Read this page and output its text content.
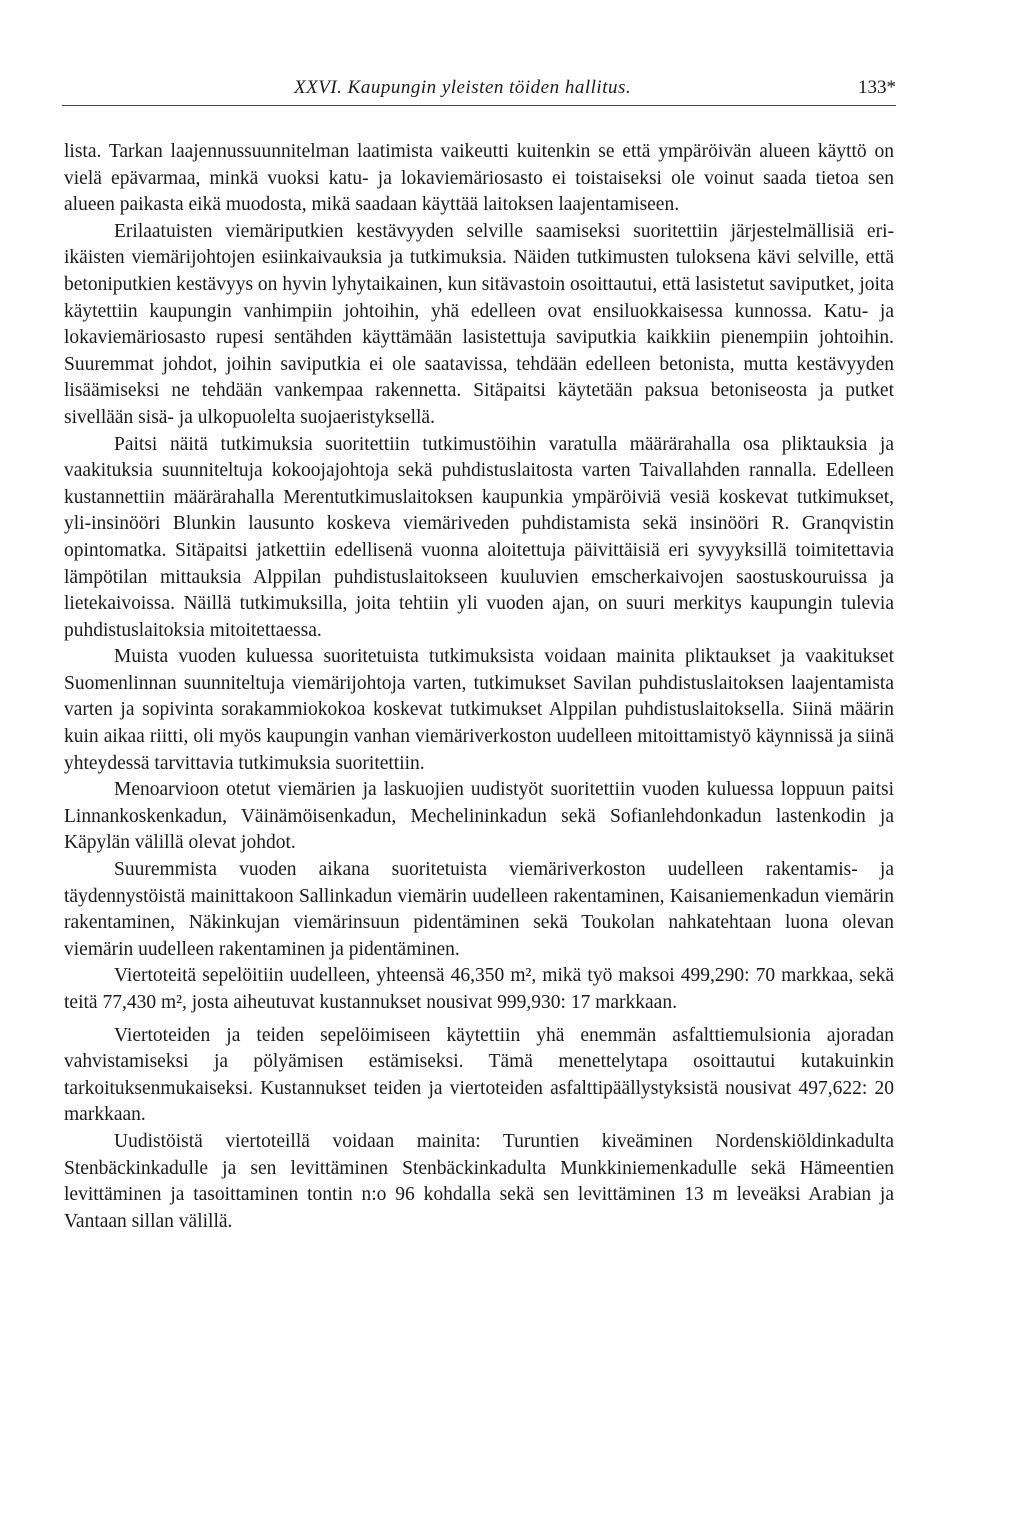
XXVI. Kaupungin yleisten töiden hallitus.	133*

lista. Tarkan laajennussuunnitelman laatimista vaikeutti kuitenkin se että ympäröivän alueen käyttö on vielä epävarmaa, minkä vuoksi katu- ja lokaviemäriosasto ei toistaiseksi ole voinut saada tietoa sen alueen paikasta eikä muodosta, mikä saadaan käyttää laitoksen laajentamiseen.

Erilaatuisten viemäriputkien kestävyyden selville saamiseksi suoritettiin järjestelmällisiä eri-ikäisten viemärijohtojen esiinkaivauksia ja tutkimuksia. Näiden tutkimusten tuloksena kävi selville, että betoniputkien kestävyys on hyvin lyhytaikainen, kun sitävastoin osoittautui, että lasistetut saviputket, joita käytettiin kaupungin vanhimpiin johtoihin, yhä edelleen ovat ensiluokkaisessa kunnossa. Katu- ja lokaviemäriosasto rupesi sentähden käyttämään lasistettuja saviputkia kaikkiin pienempiin johtoihin. Suuremmat johdot, joihin saviputkia ei ole saatavissa, tehdään edelleen betonista, mutta kestävyyden lisäämiseksi ne tehdään vankempaa rakennetta. Sitäpaitsi käytetään paksua betoniseosta ja putket sivellään sisä- ja ulkopuolelta suojaeristyksellä.

Paitsi näitä tutkimuksia suoritettiin tutkimustöihin varatulla määrärahalla osa pliktauksia ja vaakituksia suunniteltuja kokoojajohtoja sekä puhdistuslaitosta varten Taivallahden rannalla. Edelleen kustannettiin määrärahalla Merentutkimuslaitoksen kaupunkia ympäröiviä vesiä koskevat tutkimukset, yli-insinööri Blunkin lausunto koskeva viemäriveden puhdistamista sekä insinööri R. Granqvistin opintomatka. Sitäpaitsi jatkettiin edellisenä vuonna aloitettuja päivittäisiä eri syvyyksillä toimitettavia lämpötilan mittauksia Alppilan puhdistuslaitokseen kuuluvien emscherkaivojen saostuskouruissa ja lietekaivoissa. Näillä tutkimuksilla, joita tehtiin yli vuoden ajan, on suuri merkitys kaupungin tulevia puhdistuslaitoksia mitoitettaessa.

Muista vuoden kuluessa suoritetuista tutkimuksista voidaan mainita pliktaukset ja vaakitukset Suomenlinnan suunniteltuja viemärijohtoja varten, tutkimukset Savilan puhdistuslaitoksen laajentamista varten ja sopivinta sorakammiokokoa koskevat tutkimukset Alppilan puhdistuslaitoksella. Siinä määrin kuin aikaa riitti, oli myös kaupungin vanhan viemäriverkoston uudelleen mitoittamistyö käynnissä ja siinä yhteydessä tarvittavia tutkimuksia suoritettiin.

Menoarvioon otetut viemärien ja laskuojien uudistyöt suoritettiin vuoden kuluessa loppuun paitsi Linnankoskenkadun, Väinämöisenkadun, Mechelininkadun sekä Sofianlehdonkadun lastenkodin ja Käpylän välillä olevat johdot.

Suuremmista vuoden aikana suoritetuista viemäriverkoston uudelleen rakentamis- ja täydennystöistä mainittakoon Sallinkadun viemärin uudelleen rakentaminen, Kaisaniemenkadun viemärin rakentaminen, Näkinkujan viemärinsuun pidentäminen sekä Toukolan nahkatehtaan luona olevan viemärin uudelleen rakentaminen ja pidentäminen.

Viertoteitä sepelöitiin uudelleen, yhteensä 46,350 m², mikä työ maksoi 499,290: 70 markkaa, sekä teitä 77,430 m², josta aiheutuvat kustannukset nousivat 999,930: 17 markkaan.

Viertoteiden ja teiden sepelöimiseen käytettiin yhä enemmän asfalttiemulsionia ajoradan vahvistamiseksi ja pölyämisen estämiseksi. Tämä menettelytapa osoittautui kutakuinkin tarkoituksenmukaiseksi. Kustannukset teiden ja viertoteiden asfalttipäällystyksistä nousivat 497,622: 20 markkaan.

Uudistöistä viertoteillä voidaan mainita: Turuntien kiveäminen Nordenskiöldinkadulta Stenbäckinkadulle ja sen levittäminen Stenbäckinkadulta Munkkiniemenkadulle sekä Hämeentien levittäminen ja tasoittaminen tontin n:o 96 kohdalla sekä sen levittäminen 13 m leveäksi Arabian ja Vantaan sillan välillä.
